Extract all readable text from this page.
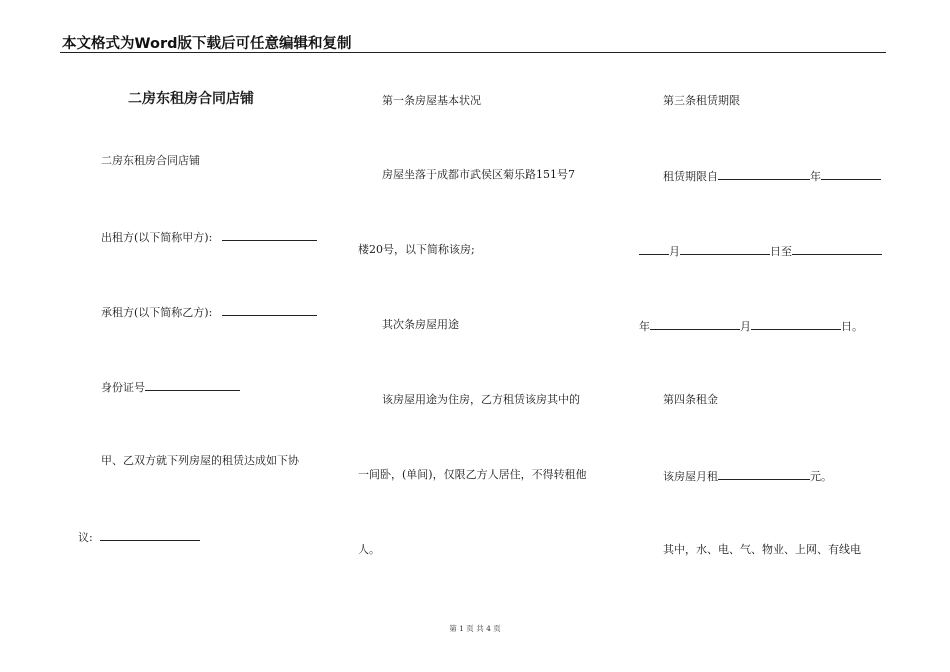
本文格式为Word版下载后可任意编辑和复制
二房东租房合同店铺
二房东租房合同店铺
出租方(以下简称甲方):
承租方(以下简称乙方):
身份证号
甲、乙双方就下列房屋的租赁达成如下协
议:
第一条房屋基本状况
房屋坐落于成都市武侯区菊乐路151号7
楼20号，以下简称该房;
其次条房屋用途
该房屋用途为住房，乙方租赁该房其中的
一间卧，(单间)，仅限乙方人居住，不得转租他
人。
第三条租赁期限
租赁期限自	年
月	日至
年	月	日。
第四条租金
该房屋月租	元。
其中，水、电、气、物业、上网、有线电
第 1 页 共 4 页
